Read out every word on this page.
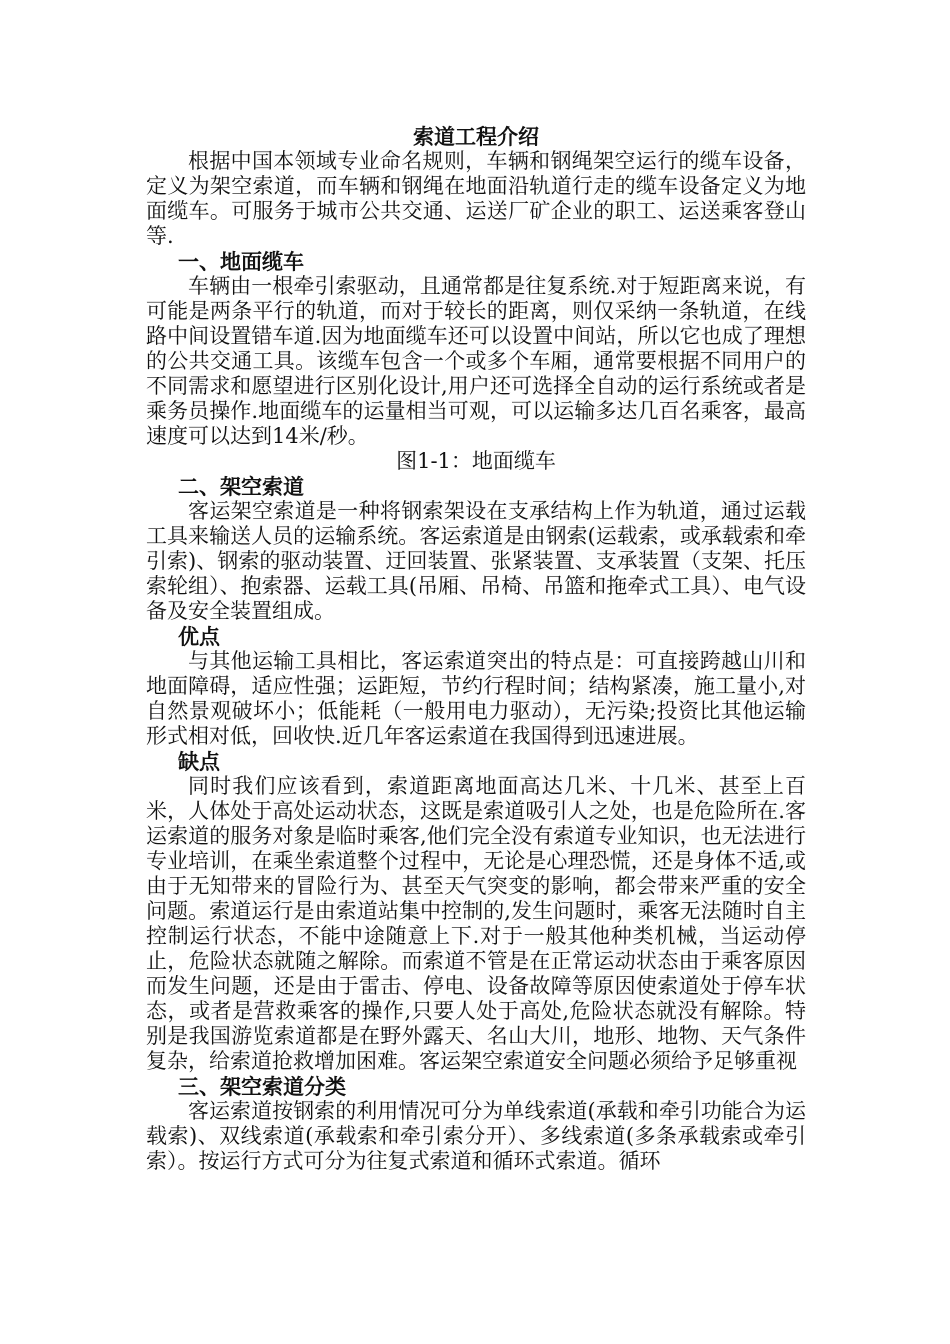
索道工程介绍

根据中国本领域专业命名规则，车辆和钢绳架空运行的缆车设备，定义为架空索道，而车辆和钢绳在地面沿轨道行走的缆车设备定义为地面缆车。可服务于城市公共交通、运送厂矿企业的职工、运送乘客登山等.

一、地面缆车

车辆由一根牵引索驱动，且通常都是往复系统.对于短距离来说，有可能是两条平行的轨道，而对于较长的距离，则仅采纳一条轨道，在线路中间设置错车道.因为地面缆车还可以设置中间站，所以它也成了理想的公共交通工具。该缆车包含一个或多个车厢，通常要根据不同用户的不同需求和愿望进行区别化设计,用户还可选择全自动的运行系统或者是乘务员操作.地面缆车的运量相当可观，可以运输多达几百名乘客，最高速度可以达到14米/秒。

图1-1：地面缆车

二、架空索道

客运架空索道是一种将钢索架设在支承结构上作为轨道，通过运载工具来输送人员的运输系统。客运索道是由钢索(运载索，或承载索和牵引索)、钢索的驱动装置、迂回装置、张紧装置、支承装置（支架、托压索轮组）、抱索器、运载工具(吊厢、吊椅、吊篮和拖牵式工具）、电气设备及安全装置组成。

优点

与其他运输工具相比，客运索道突出的特点是：可直接跨越山川和地面障碍，适应性强；运距短，节约行程时间；结构紧凑，施工量小,对自然景观破坏小；低能耗（一般用电力驱动），无污染;投资比其他运输形式相对低，回收快.近几年客运索道在我国得到迅速进展。

缺点

同时我们应该看到，索道距离地面高达几米、十几米、甚至上百米，人体处于高处运动状态，这既是索道吸引人之处，也是危险所在.客运索道的服务对象是临时乘客,他们完全没有索道专业知识，也无法进行专业培训，在乘坐索道整个过程中，无论是心理恐慌，还是身体不适,或由于无知带来的冒险行为、甚至天气突变的影响，都会带来严重的安全问题。索道运行是由索道站集中控制的,发生问题时，乘客无法随时自主控制运行状态，不能中途随意上下.对于一般其他种类机械，当运动停止，危险状态就随之解除。而索道不管是在正常运动状态由于乘客原因而发生问题，还是由于雷击、停电、设备故障等原因使索道处于停车状态，或者是营救乘客的操作,只要人处于高处,危险状态就没有解除。特别是我国游览索道都是在野外露天、名山大川，地形、地物、天气条件复杂，给索道抢救增加困难。客运架空索道安全问题必须给予足够重视

三、架空索道分类

客运索道按钢索的利用情况可分为单线索道(承载和牵引功能合为运载索)、双线索道(承载索和牵引索分开）、多线索道(多条承载索或牵引索）。按运行方式可分为往复式索道和循环式索道。循环
